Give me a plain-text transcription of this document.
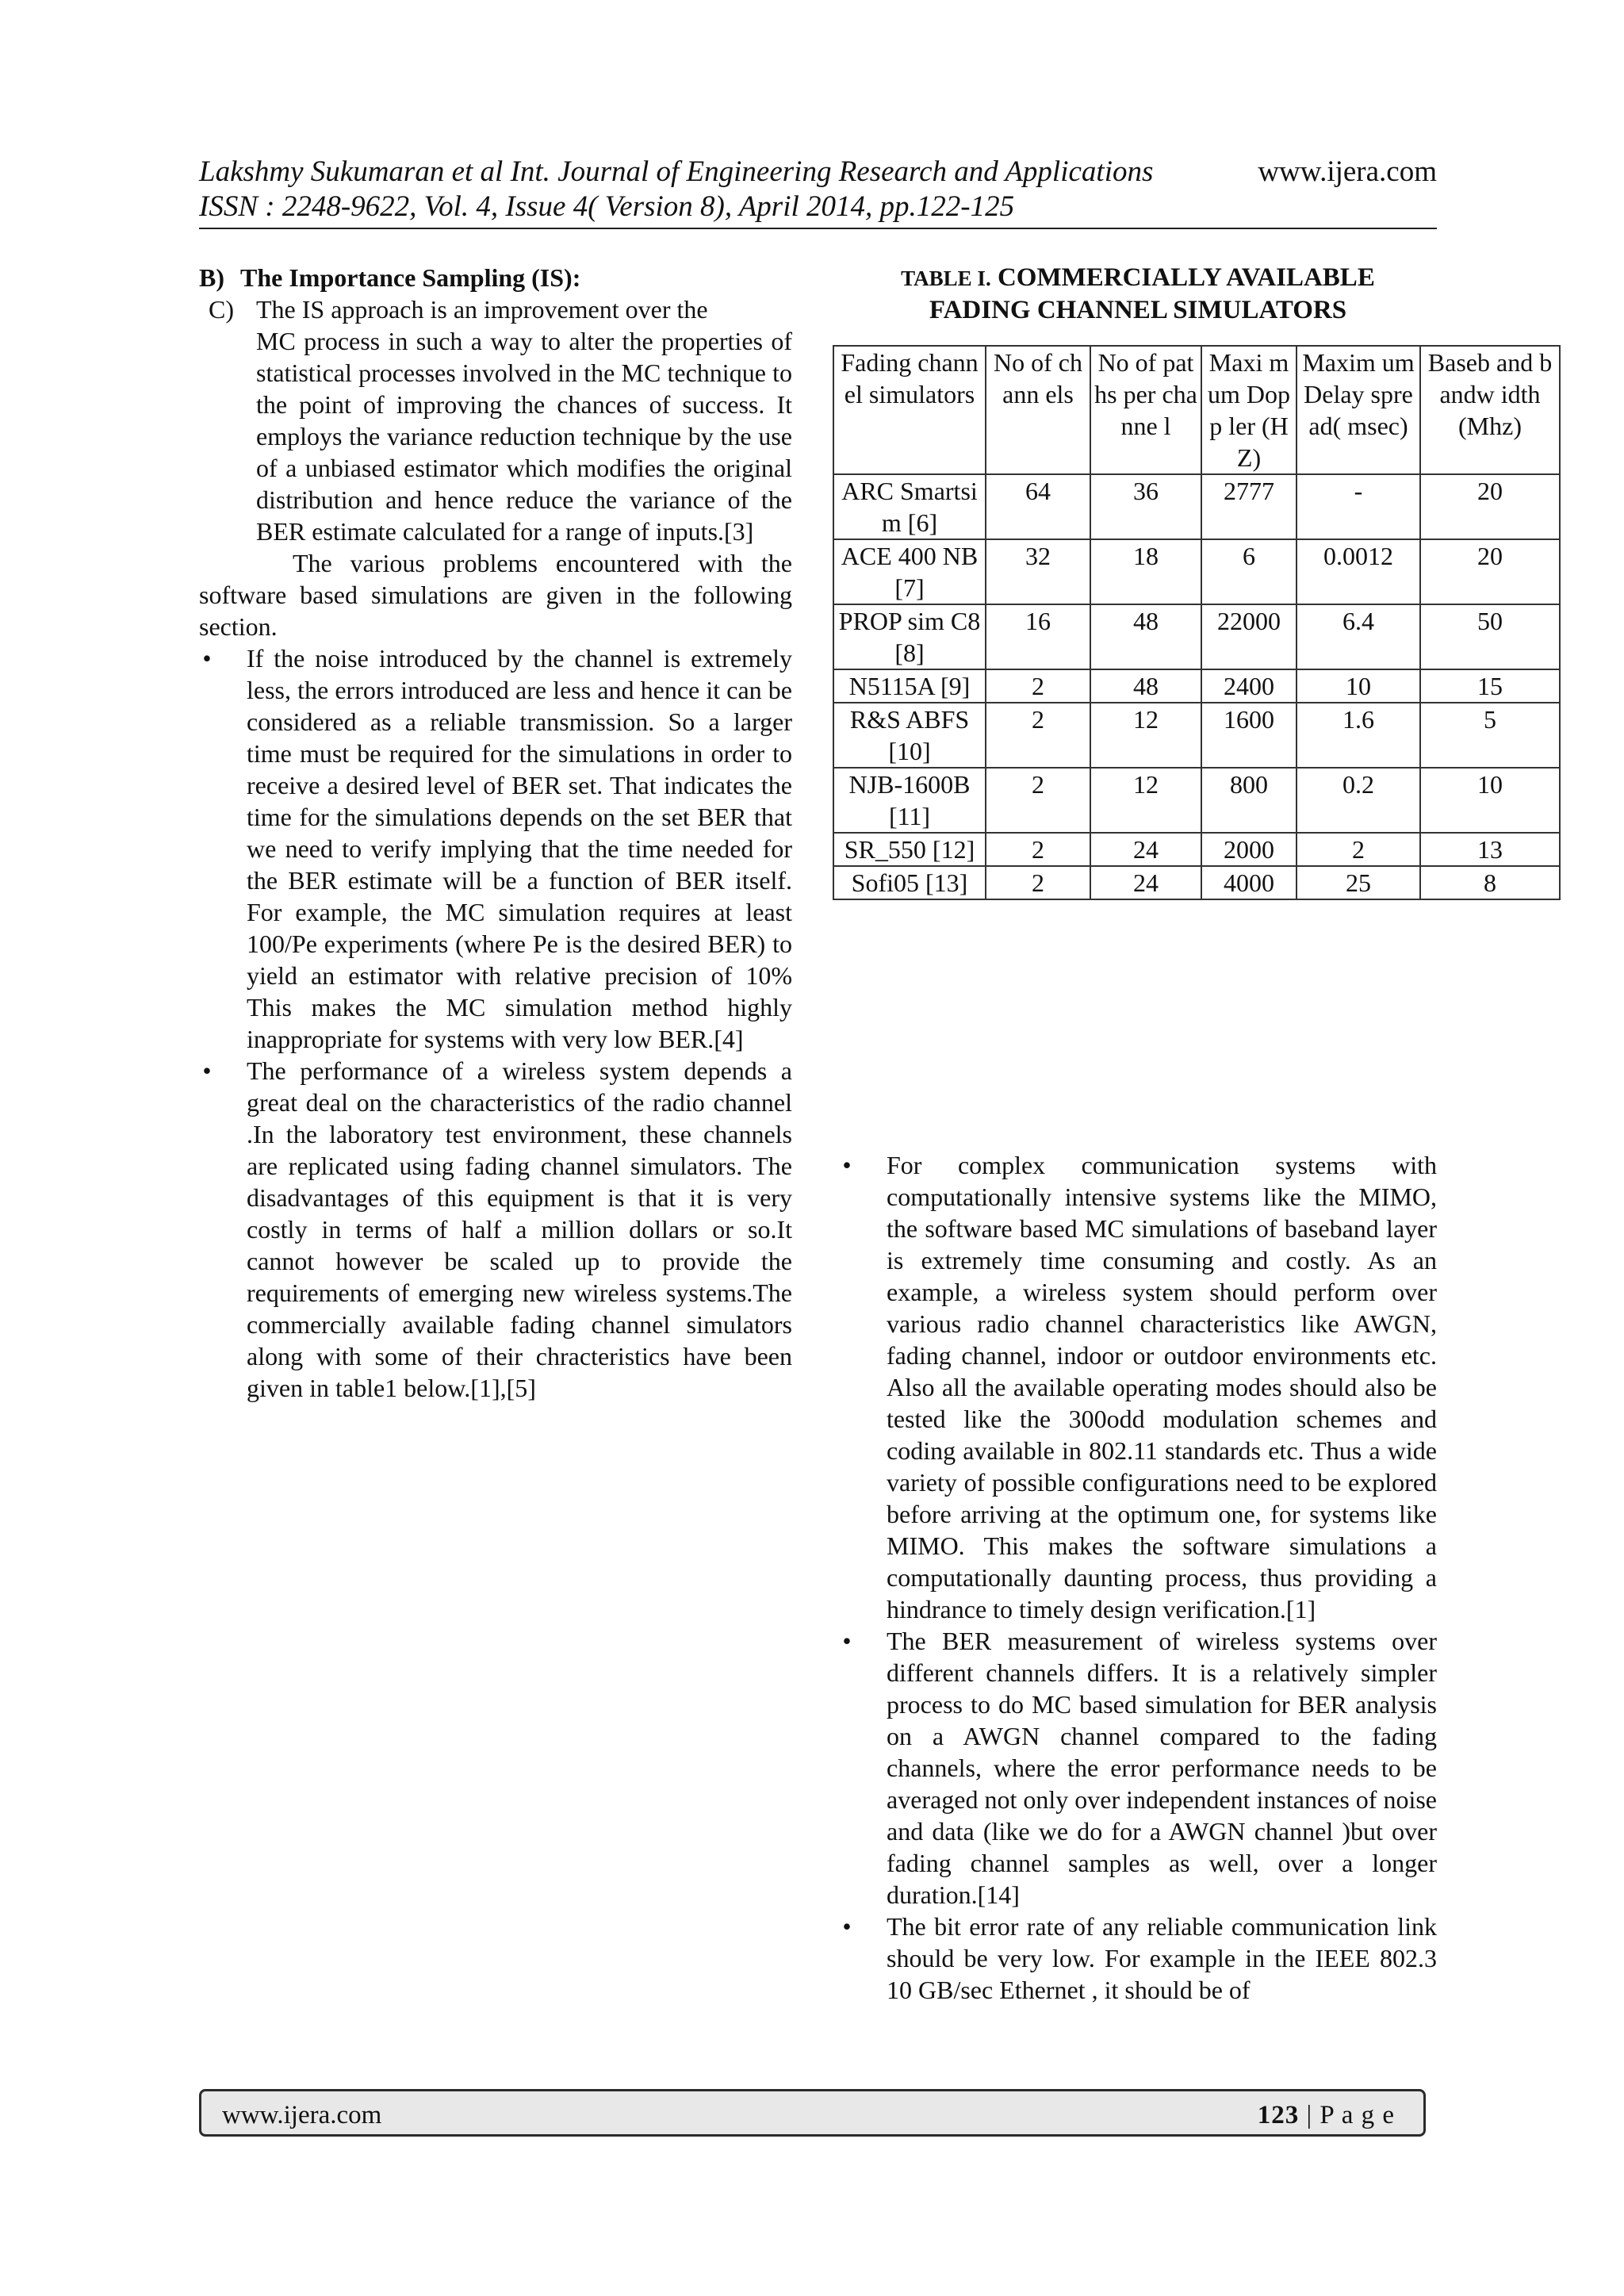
Lakshmy Sukumaran et al Int. Journal of Engineering Research and Applications	www.ijera.com
ISSN : 2248-9622, Vol. 4, Issue 4( Version 8), April 2014, pp.122-125

B) The Importance Sampling (IS):

C) The IS approach is an improvement over the

MC process in such a way to alter the properties of statistical processes involved in the MC technique to the point of improving the chances of success. It employs the variance reduction technique by the use of a unbiased estimator which modifies the original distribution and hence reduce the variance of the BER estimate calculated for a range of inputs.[3]

The various problems encountered with the software based simulations are given in the following section.

• If the noise introduced by the channel is extremely less, the errors introduced are less and hence it can be considered as a reliable transmission. So a larger time must be required for the simulations in order to receive a desired level of BER set. That indicates the time for the simulations depends on the set BER that we need to verify implying that the time needed for the BER estimate will be a function of BER itself. For example, the MC simulation requires at least 100/Pe experiments (where Pe is the desired BER) to yield an estimator with relative precision of 10% This makes the MC simulation method highly inappropriate for systems with very low BER.[4]
• The performance of a wireless system depends a great deal on the characteristics of the radio channel .In the laboratory test environment, these channels are replicated using fading channel simulators. The disadvantages of this equipment is that it is very costly in terms of half a million dollars or so.It cannot however be scaled up to provide the requirements of emerging new wireless systems.The commercially available fading channel simulators along with some of their chracteristics have been given in table1 below.[1],[5]
TABLE I. COMMERCIALLY AVAILABLE
FADING CHANNEL SIMULATORS
Fading channel simulators	No of chann els	No of paths per channe l	Maxi mum Dopp ler (HZ)	Maxim um Delay spread( msec)	Baseb and bandw idth (Mhz)
ARC Smartsim [6]	64	36	2777	-	20
ACE 400 NB[7]	32	18	6	0.0012	20
PROP sim C8[8]	16	48	22000	6.4	50
N5115A [9]	2	48	2400	10	15
R&S ABFS [10]	2	12	1600	1.6	5
NJB-1600B [11]	2	12	800	0.2	10
SR_550 [12]	2	24	2000	2	13
Sofi05 [13]	2	24	4000	25	8
• For complex communication systems with computationally intensive systems like the MIMO, the software based MC simulations of baseband layer is extremely time consuming and costly. As an example, a wireless system should perform over various radio channel characteristics like AWGN, fading channel, indoor or outdoor environments etc. Also all the available operating modes should also be tested like the 300odd modulation schemes and coding available in 802.11 standards etc. Thus a wide variety of possible configurations need to be explored before arriving at the optimum one, for systems like MIMO. This makes the software simulations a computationally daunting process, thus providing a hindrance to timely design verification.[1]
• The BER measurement of wireless systems over different channels differs. It is a relatively simpler process to do MC based simulation for BER analysis on a AWGN channel compared to the fading channels, where the error performance needs to be averaged not only over independent instances of noise and data (like we do for a AWGN channel )but over fading channel samples as well, over a longer duration.[14]
• The bit error rate of any reliable communication link should be very low. For example in the IEEE 802.3 10 GB/sec Ethernet , it should be of
www.ijera.com	123 | P a g e
